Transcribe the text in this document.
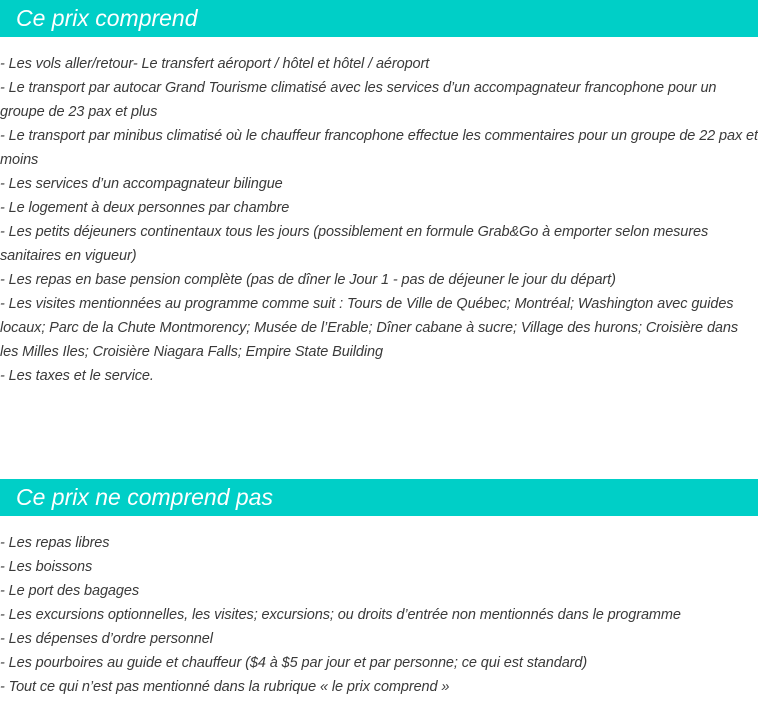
Ce prix comprend
- Les vols aller/retour- Le transfert aéroport / hôtel et hôtel / aéroport
- Le transport par autocar Grand Tourisme climatisé avec les services d’un accompagnateur francophone pour un groupe de 23 pax et plus
- Le transport par minibus climatisé où le chauffeur francophone effectue les commentaires pour un groupe de 22 pax et moins
- Les services d’un accompagnateur bilingue
- Le logement à deux personnes par chambre
- Les petits déjeuners continentaux tous les jours (possiblement en formule Grab&Go à emporter selon mesures sanitaires en vigueur)
- Les repas en base pension complète (pas de dîner le Jour 1 - pas de déjeuner le jour du départ)
- Les visites mentionnées au programme comme suit : Tours de Ville de Québec; Montréal; Washington avec guides locaux; Parc de la Chute Montmorency; Musée de l’Erable; Dîner cabane à sucre; Village des hurons; Croisière dans les Milles Iles; Croisière Niagara Falls; Empire State Building
- Les taxes et le service.
Ce prix ne comprend pas
- Les repas libres
- Les boissons
- Le port des bagages
- Les excursions optionnelles, les visites; excursions; ou droits d’entrée non mentionnés dans le programme
- Les dépenses d’ordre personnel
- Les pourboires au guide et chauffeur ($4 à $5 par jour et par personne; ce qui est standard)
- Tout ce qui n’est pas mentionné dans la rubrique « le prix comprend »
